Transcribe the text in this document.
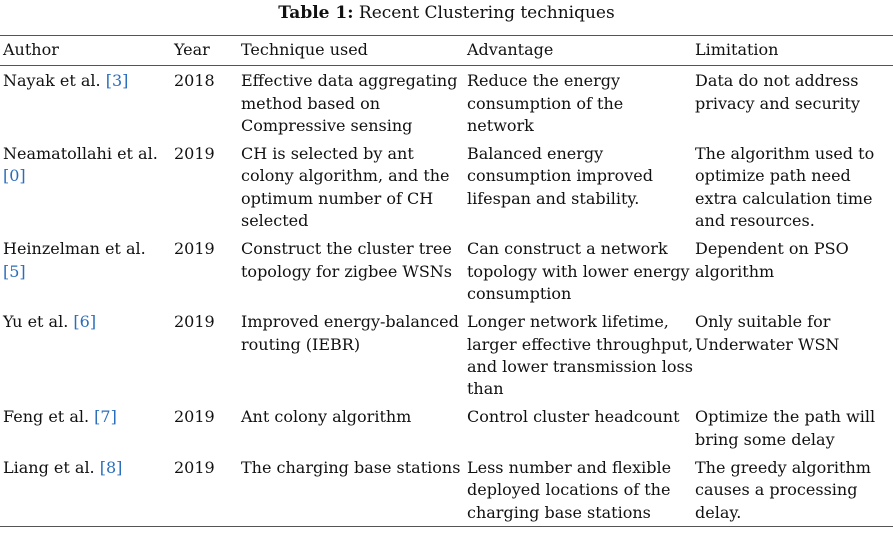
Table 1: Recent Clustering techniques
Author	Year	Technique used	Advantage	Limitation
Nayak et al. [3]	2018	Effective data aggregating method based on Compressive sensing	Reduce the energy consumption of the network	Data do not address privacy and security
Neamatollahi et al. [0]	2019	CH is selected by ant colony algorithm, and the optimum number of CH selected	Balanced energy consumption improved lifespan and stability.	The algorithm used to optimize path need extra calculation time and resources.
Heinzelman et al. [5]	2019	Construct the cluster tree topology for zigbee WSNs	Can construct a network topology with lower energy consumption	Dependent on PSO algorithm
Yu et al. [6]	2019	Improved energy-balanced routing (IEBR)	Longer network lifetime, larger effective throughput, and lower transmission loss than	Only suitable for Underwater WSN
Feng et al. [7]	2019	Ant colony algorithm	Control cluster headcount	Optimize the path will bring some delay
Liang et al. [8]	2019	The charging base stations	Less number and flexible deployed locations of the charging base stations	The greedy algorithm causes a processing delay.
